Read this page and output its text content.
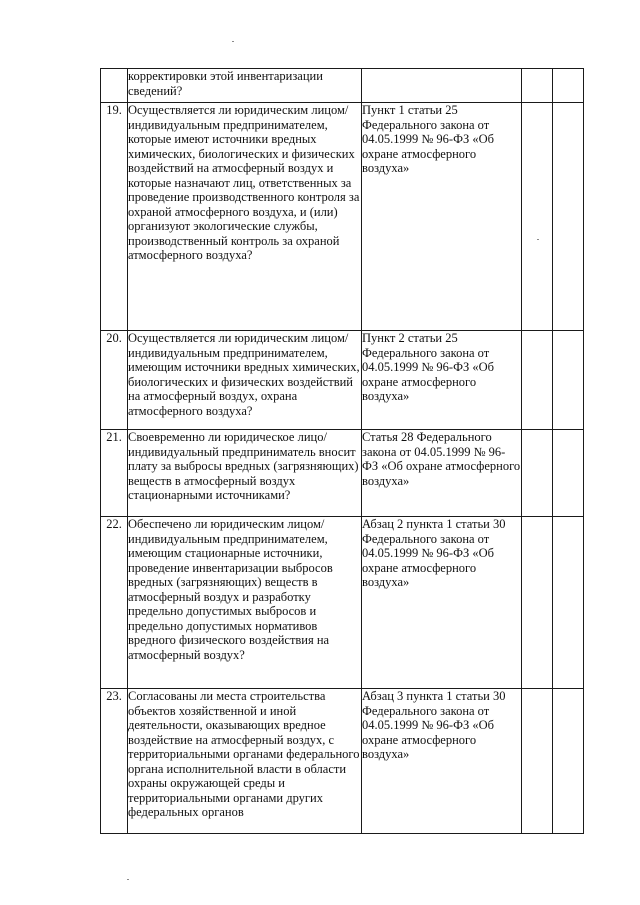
	корректировки этой инвентаризации сведений?			
19.	Осуществляется ли юридическим лицом/индивидуальным предпринимателем, которые имеют источники вредных химических, биологических и физических воздействий на атмосферный воздух и которые назначают лиц, ответственных за проведение производственного контроля за охраной атмосферного воздуха, и (или) организуют экологические службы, производственный контроль за охраной атмосферного воздуха?	Пункт 1 статьи 25 Федерального закона от 04.05.1999 № 96-ФЗ «Об охране атмосферного воздуха»		
20.	Осуществляется ли юридическим лицом/индивидуальным предпринимателем, имеющим источники вредных химических, биологических и физических воздействий на атмосферный воздух, охрана атмосферного воздуха?	Пункт 2 статьи 25 Федерального закона от 04.05.1999 № 96-ФЗ «Об охране атмосферного воздуха»		
21.	Своевременно ли юридическое лицо/индивидуальный предприниматель вносит плату за выбросы вредных (загрязняющих) веществ в атмосферный воздух стационарными источниками?	Статья 28 Федерального закона от 04.05.1999 № 96-ФЗ «Об охране атмосферного воздуха»		
22.	Обеспечено ли юридическим лицом/индивидуальным предпринимателем, имеющим стационарные источники, проведение инвентаризации выбросов вредных (загрязняющих) веществ в атмосферный воздух и разработку предельно допустимых выбросов и предельно допустимых нормативов вредного физического воздействия на атмосферный воздух?	Абзац 2 пункта 1 статьи 30 Федерального закона от 04.05.1999 № 96-ФЗ «Об охране атмосферного воздуха»		
23.	Согласованы ли места строительства объектов хозяйственной и иной деятельности, оказывающих вредное воздействие на атмосферный воздух, с территориальными органами федерального органа исполнительной власти в области охраны окружающей среды и территориальными органами других федеральных органов	Абзац 3 пункта 1 статьи 30 Федерального закона от 04.05.1999 № 96-ФЗ «Об охране атмосферного воздуха»		
